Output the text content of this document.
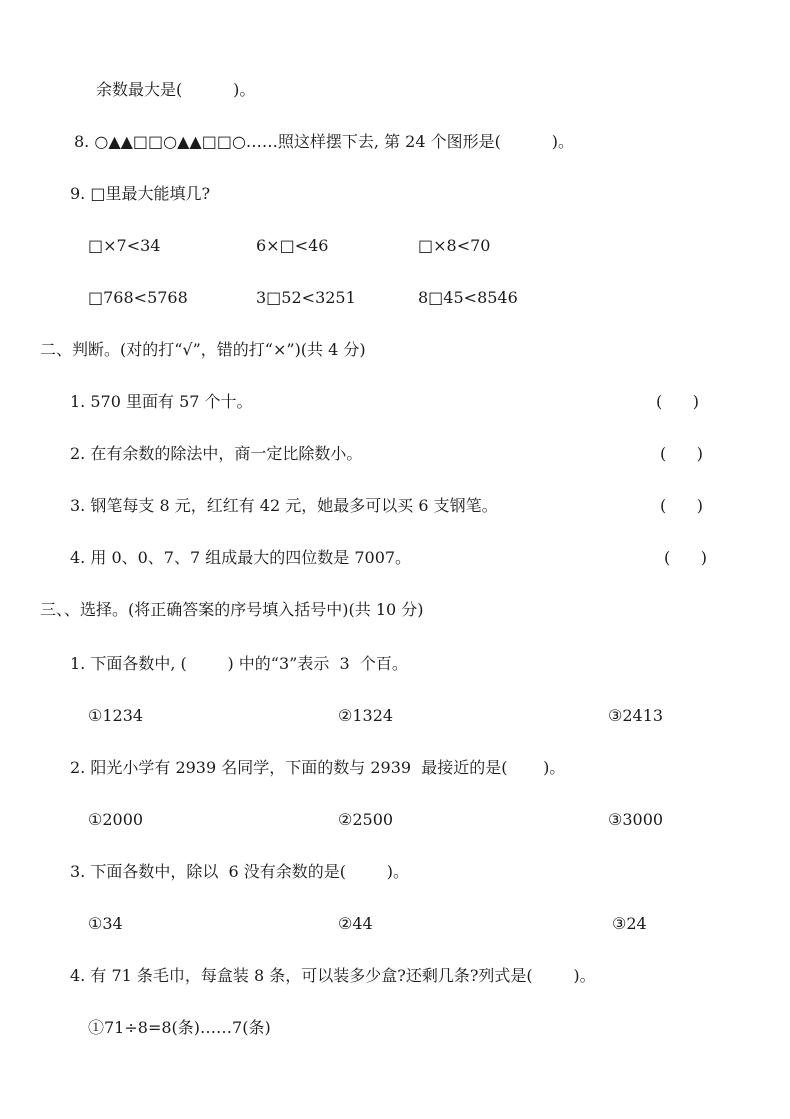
余数最大是(          )。
8. ○▲▲□□○▲▲□□○……照这样摆下去, 第 24 个图形是(          )。
9. □里最大能填几?
□×7<34	6×□<46	□×8<70
□768<5768	3□52<3251	8□45<8546
二、判断。(对的打“√”，错的打“×”)(共 4 分)
1. 570 里面有 57 个十。	(      )
2. 在有余数的除法中，商一定比除数小。	(      )
3. 钢笔每支 8 元，红红有 42 元，她最多可以买 6 支钢笔。	(      )
4. 用 0、0、7、7 组成最大的四位数是 7007。	(      )
三、、选择。(将正确答案的序号填入括号中)(共 10 分)
1. 下面各数中, (        ) 中的“3”表示  3  个百。
①1234	②1324	③2413
2. 阳光小学有 2939 名同学，下面的数与 2939  最接近的是(       )。
①2000	②2500	③3000
3. 下面各数中，除以  6 没有余数的是(        )。
①34	②44	③24
4. 有 71 条毛巾，每盒装 8 条，可以装多少盒?还剩几条?列式是(        )。
①71÷8=8(条)……7(条)
